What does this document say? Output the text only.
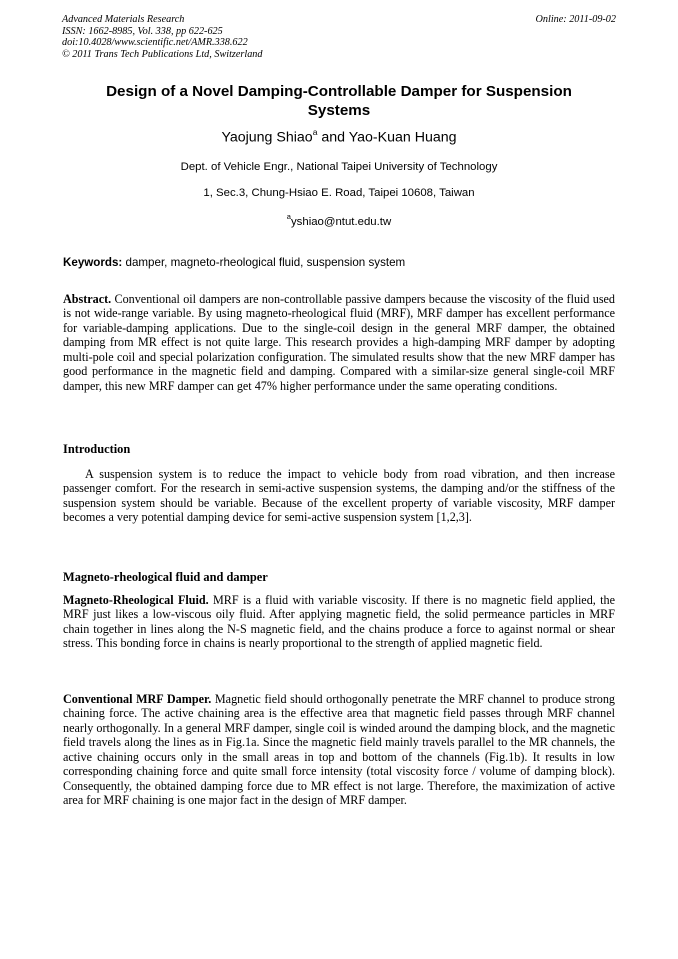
Advanced Materials Research
ISSN: 1662-8985, Vol. 338, pp 622-625
doi:10.4028/www.scientific.net/AMR.338.622
© 2011 Trans Tech Publications Ltd, Switzerland
Online: 2011-09-02
Design of a Novel Damping-Controllable Damper for Suspension Systems
Yaojung Shiao$^a$ and Yao-Kuan Huang
Dept. of Vehicle Engr., National Taipei University of Technology
1, Sec.3, Chung-Hsiao E. Road, Taipei 10608, Taiwan
$^a$yshiao@ntut.edu.tw
Keywords: damper, magneto-rheological fluid, suspension system
Abstract. Conventional oil dampers are non-controllable passive dampers because the viscosity of the fluid used is not wide-range variable. By using magneto-rheological fluid (MRF), MRF damper has excellent performance for variable-damping applications. Due to the single-coil design in the general MRF damper, the obtained damping from MR effect is not quite large. This research provides a high-damping MRF damper by adopting multi-pole coil and special polarization configuration. The simulated results show that the new MRF damper has good performance in the magnetic field and damping. Compared with a similar-size general single-coil MRF damper, this new MRF damper can get 47% higher performance under the same operating conditions.
Introduction
A suspension system is to reduce the impact to vehicle body from road vibration, and then increase passenger comfort. For the research in semi-active suspension systems, the damping and/or the stiffness of the suspension system should be variable. Because of the excellent property of variable viscosity, MRF damper becomes a very potential damping device for semi-active suspension system [1,2,3].
Magneto-rheological fluid and damper
Magneto-Rheological Fluid. MRF is a fluid with variable viscosity. If there is no magnetic field applied, the MRF just likes a low-viscous oily fluid. After applying magnetic field, the solid permeance particles in MRF chain together in lines along the N-S magnetic field, and the chains produce a force to against normal or shear stress. This bonding force in chains is nearly proportional to the strength of applied magnetic field.
Conventional MRF Damper. Magnetic field should orthogonally penetrate the MRF channel to produce strong chaining force. The active chaining area is the effective area that magnetic field passes through MRF channel nearly orthogonally. In a general MRF damper, single coil is winded around the damping block, and the magnetic field travels along the lines as in Fig.1a. Since the magnetic field mainly travels parallel to the MR channels, the active chaining occurs only in the small areas in top and bottom of the channels (Fig.1b). It results in low corresponding chaining force and quite small force intensity (total viscosity force / volume of damping block). Consequently, the obtained damping force due to MR effect is not large. Therefore, the maximization of active area for MRF chaining is one major fact in the design of MRF damper.
